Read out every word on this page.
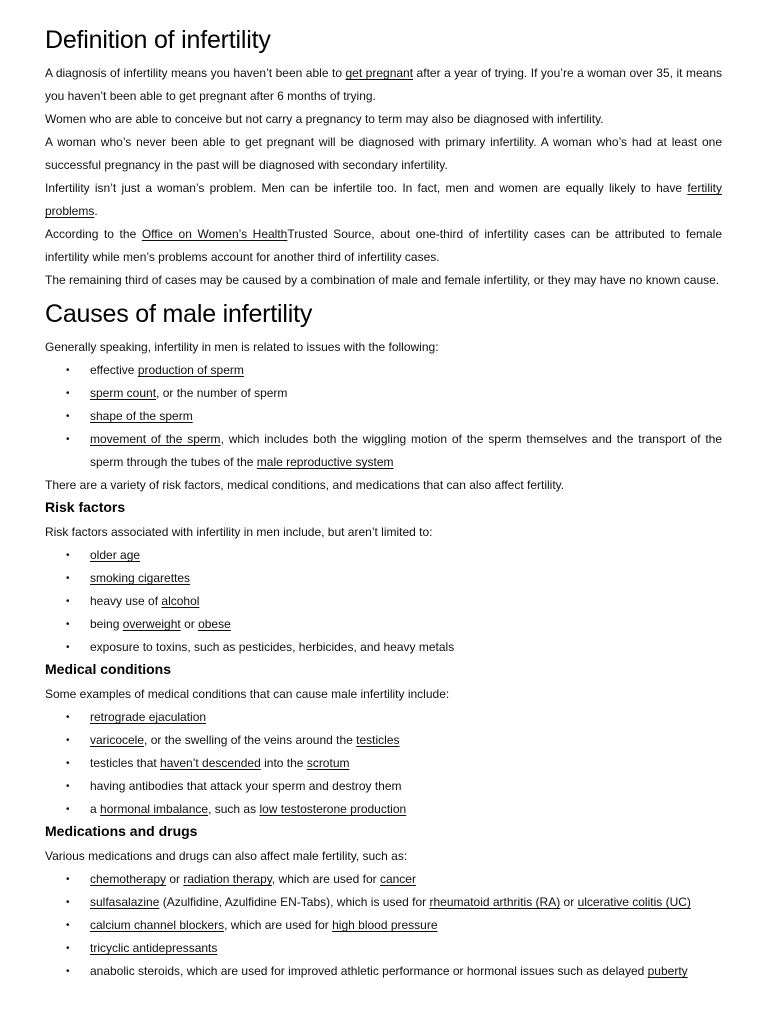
Definition of infertility

A diagnosis of infertility means you haven’t been able to get pregnant after a year of trying. If you’re a woman over 35, it means you haven’t been able to get pregnant after 6 months of trying.

Women who are able to conceive but not carry a pregnancy to term may also be diagnosed with infertility.

A woman who’s never been able to get pregnant will be diagnosed with primary infertility. A woman who’s had at least one successful pregnancy in the past will be diagnosed with secondary infertility.

Infertility isn’t just a woman’s problem. Men can be infertile too. In fact, men and women are equally likely to have fertility problems.

According to the Office on Women’s HealthTrusted Source, about one-third of infertility cases can be attributed to female infertility while men’s problems account for another third of infertility cases.

The remaining third of cases may be caused by a combination of male and female infertility, or they may have no known cause.

Causes of male infertility

Generally speaking, infertility in men is related to issues with the following:

• effective production of sperm
• sperm count, or the number of sperm
• shape of the sperm
• movement of the sperm, which includes both the wiggling motion of the sperm themselves and the transport of the sperm through the tubes of the male reproductive system

There are a variety of risk factors, medical conditions, and medications that can also affect fertility.

Risk factors

Risk factors associated with infertility in men include, but aren’t limited to:

• older age
• smoking cigarettes
• heavy use of alcohol
• being overweight or obese
• exposure to toxins, such as pesticides, herbicides, and heavy metals
Medical conditions

Some examples of medical conditions that can cause male infertility include:

• retrograde ejaculation
• varicocele, or the swelling of the veins around the testicles
• testicles that haven’t descended into the scrotum
• having antibodies that attack your sperm and destroy them
• a hormonal imbalance, such as low testosterone production
Medications and drugs

Various medications and drugs can also affect male fertility, such as:

• chemotherapy or radiation therapy, which are used for cancer
• sulfasalazine (Azulfidine, Azulfidine EN-Tabs), which is used for rheumatoid arthritis (RA) or ulcerative colitis (UC)
• calcium channel blockers, which are used for high blood pressure
• tricyclic antidepressants
• anabolic steroids, which are used for improved athletic performance or hormonal issues such as delayed puberty
